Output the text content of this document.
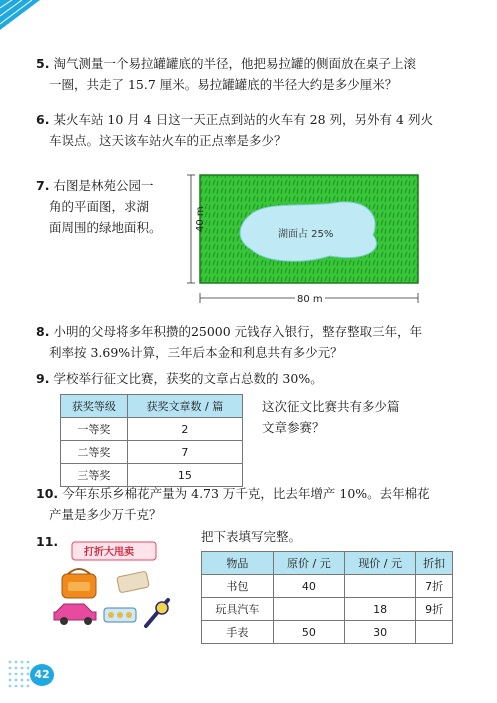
5. 淘气测量一个易拉罐罐底的半径，他把易拉罐的侧面放在桌子上滚
一圈，共走了 15.7 厘米。易拉罐罐底的半径大约是多少厘米？
6. 某火车站 10 月 4 日这一天正点到站的火车有 28 列，另外有 4 列火
车误点。这天该车站火车的正点率是多少？
7. 右图是林苑公园一
角的平面图，求湖
面周围的绿地面积。	湖面占 25%
40 m
80 m
8. 小明的父母将多年积攒的25000 元钱存入银行，整存整取三年，年
利率按 3.69%计算，三年后本金和利息共有多少元？
9. 学校举行征文比赛，获奖的文章占总数的 30%。
获奖等级	获奖文章数 / 篇
一等奖	2
二等奖	7
三等奖	15
这次征文比赛共有多少篇
文章参赛？
10. 今年东乐乡棉花产量为 4.73 万千克，比去年增产 10%。去年棉花
产量是多少万千克？
11.	把下表填写完整。
打折大甩卖
物品	原价 / 元	现价 / 元	折扣
书包	40		7折
玩具汽车		18	9折
手表	50	30	
42
